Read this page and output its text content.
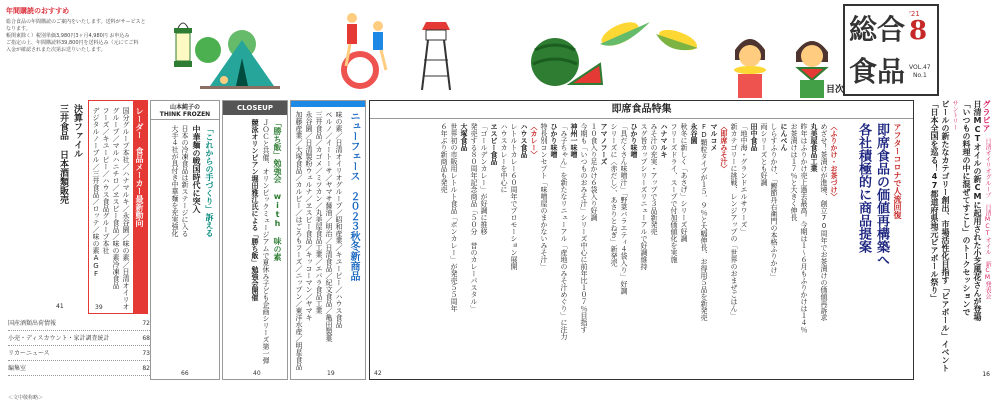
年間購読のおすすめ
総合食品の年間購読のご案内をいたします。送料がサービスとなります。
帳関東除く）税別単価3,980円3ヶ月4,980円 お申込み
ご指定の上、年間購読料39,800円を送料込み（元にてご料
入金が確認されまた次第お送りいたします。
総 合
食 品
'21
8
VOL.47
No.1
目次
グラビア
日清オイリオグループ　日清MCTオイル　新CM発表会
日清MCTオイルの新CMに起用された小芝風花さんが登場
「いつもの料理の中に混ぜてすこし」のトークセッションで
サントリー
ビールの新たなカテゴリー創出、市場活性化目指す「ビアボール」イベント
「日本全国を巡る！47都道府県地元ビアボール祭り」
16
即席食品特集
アフターコロナで人流回復
即席食品の価値再構築へ
各社積極的に商品提案
〈ふりかけ・お茶づけ〉
めざせ！茶漬けが進境、創立70周年でお茶漬けの価値再訴求
丸美屋食品工業
昨年はふりかけ売上過去最高。今期は１〜６月もふりかけは１４％
お茶漬けは１７％と大きく伸長
にんべん
しらすふりかけ、「鰹節丹右衛門の本格ふりかけ」
両シリーズとも好調
田中食品
「地中海・グランドエルサワーズ」
新カテゴリーに挑戦、レンジアップの「世界のおまぜごはん」
〈即席みそ汁〉
マルコメ
FD顆粒タイプが１５．９％と大幅伸長、お得用５品を新発売
永谷園
秋冬に新しく「あさげ」シリーズ好調
フリーズドライ、スープで付加価値化を実施
ハナマルキ
みそ汁の充実・アップで３品新発売
スグ旨カップシリーズリニューアルで好調維持
ひかり味噌
「具だくさん味噌汁」「野菜バラエティ４袋入り」好調
シリーズに〈赤だし〉、あさりとねぎ」新発売
アマノフーズ
１０食入り足かけ６袋入り好調
今期も「いつものおみそ汁」シリーズ中心に前年比１０７％目指す
神州一味噌
「み子ちゃん」を新たなリニューアル「産地のみそ汁めぐり」に注力
ひかり味噌
特長別コンセプト「味噌屋のまかないみそ汁」
〈カレー〉
ハウス食品
レトルトカレー６０周年でプロモーション展開
ハウスカレーを中心に
ヱスビー食品
「ゴールデンカレー」が好調に推移
発売する８０周年記念商品「５０分　昔のカレーパスタル」
大塚食品
世界初の市販用レトルト食品「ボンカレー」が発売５５周年
６年ぶり新商品も発売
42
ニューフェース　２０２３秋冬新商品
味の素／日清オイリオグループ／昭和産業／キユーピー／ハウス食品
ベルノ／イートーサ／ヤマサ醤油／明治／日清食品／紀文食品／亀田製菓
三井食品／カゴメ／ミツカン／丸美屋食品工業／エバラ食品工業
永谷園／日清製粉ウェルナ／ヱスビー食品／キッコーマン／ヤマキ
加藤産業／大塚食品／カルビー／はごろもフーズ／ニップン／東洋水産／明星食品
19
CLOSEUP
「勝ち飯」勉強会 with 味の素
ＪＯＣと共催、オリンピックミュージアムで夏休み子ども企画シリーズ第一弾
競泳オリンピアン堀田雅江氏による「勝ち飯」勉強会開催
40
山本純子の
THINK FROZEN
「これからの手づくり」訴える
中華麺の戦国時代に突入
日本の冷凍食品は新ステージに入る
大手４社が具付き中華麺を充実強化
66
レーダー　食品メーカー最新動向
国分グループ本社／ハナマルキ／永谷園／味の素／日清オイリオ
グループ／マルハニチロ／ヱスビー食品／味の素冷凍食品
フーズ／キユーピー／ハウス食品グループ本社
デジタルノーブル／三井食品／ロッテ／味の素AGF
39
決算ファイル
三井食品
日本酒類販売
41
国産酒類出荷情報	72
小売・ディスカウント・家計調査統計	68
リカーニュース	73
編集室	82
＜文中敬称略＞
